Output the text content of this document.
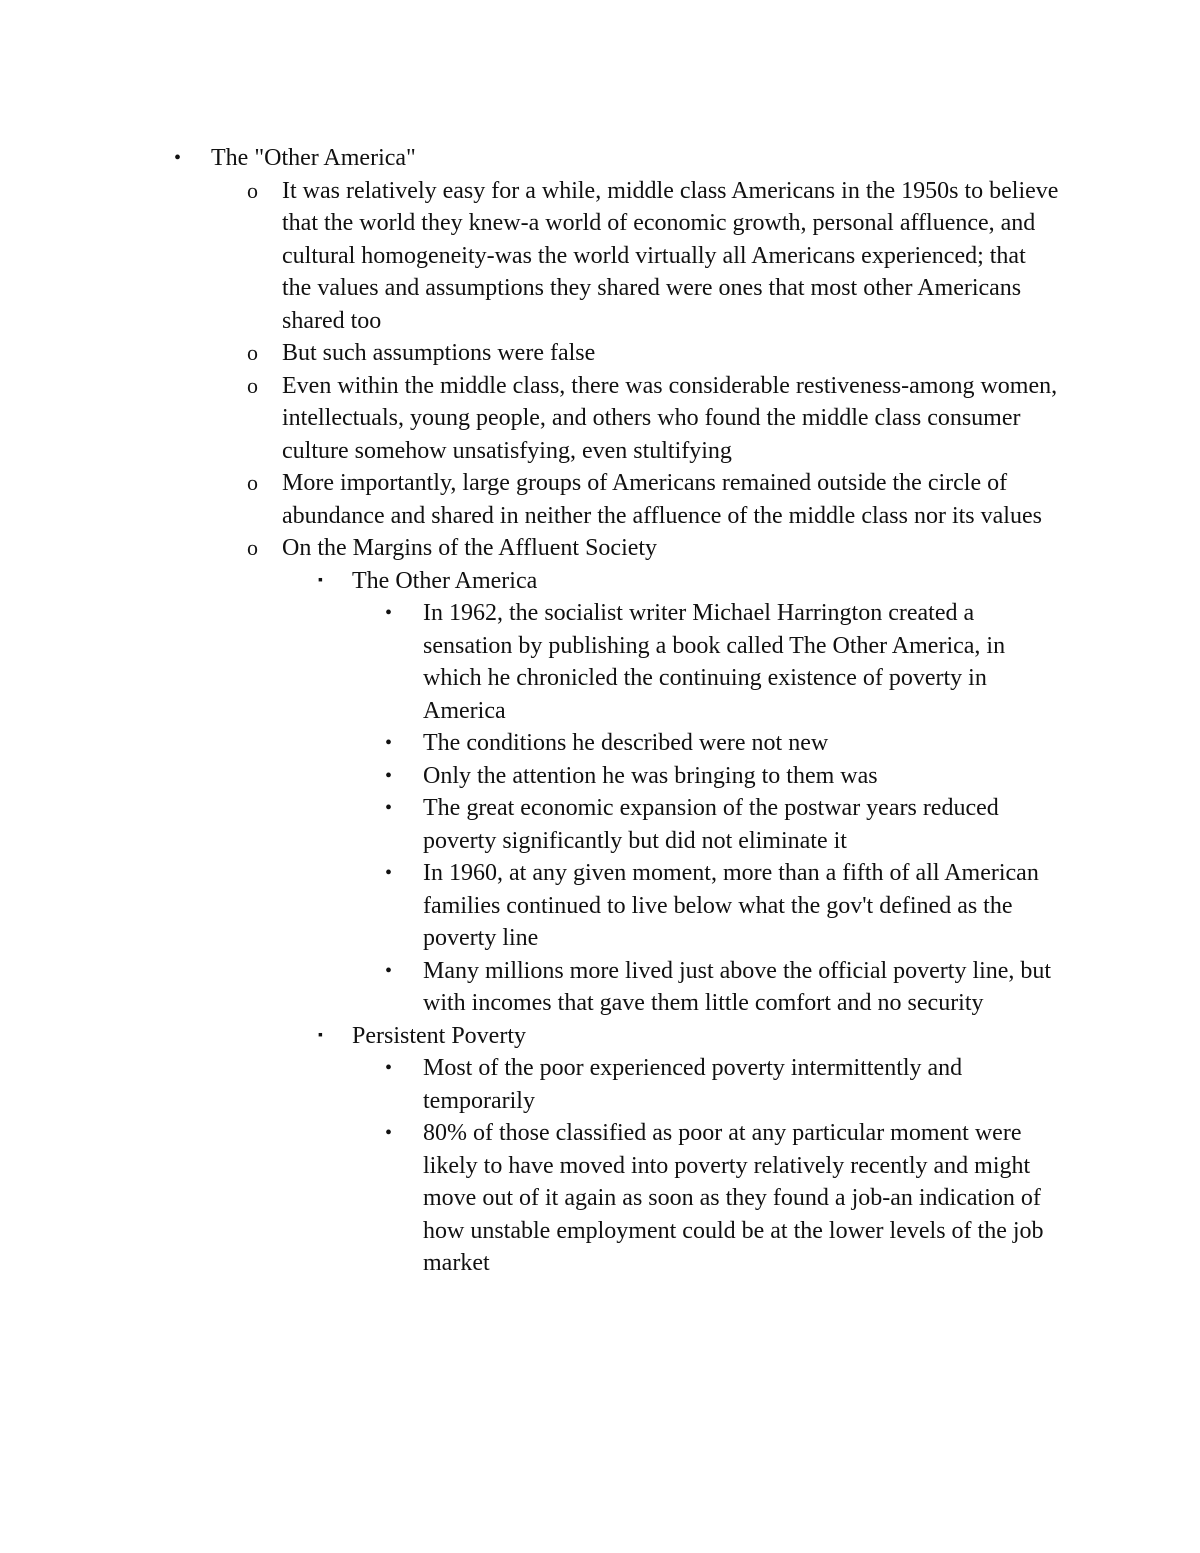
• The "Other America"
o It was relatively easy for a while, middle class Americans in the 1950s to believe that the world they knew-a world of economic growth, personal affluence, and cultural homogeneity-was the world virtually all Americans experienced; that the values and assumptions they shared were ones that most other Americans shared too
o But such assumptions were false
o Even within the middle class, there was considerable restiveness-among women, intellectuals, young people, and others who found the middle class consumer culture somehow unsatisfying, even stultifying
o More importantly, large groups of Americans remained outside the circle of abundance and shared in neither the affluence of the middle class nor its values
o On the Margins of the Affluent Society
▪ The Other America
• In 1962, the socialist writer Michael Harrington created a sensation by publishing a book called The Other America, in which he chronicled the continuing existence of poverty in America
• The conditions he described were not new
• Only the attention he was bringing to them was
• The great economic expansion of the postwar years reduced poverty significantly but did not eliminate it
• In 1960, at any given moment, more than a fifth of all American families continued to live below what the gov't defined as the poverty line
• Many millions more lived just above the official poverty line, but with incomes that gave them little comfort and no security
▪ Persistent Poverty
• Most of the poor experienced poverty intermittently and temporarily
• 80% of those classified as poor at any particular moment were likely to have moved into poverty relatively recently and might move out of it again as soon as they found a job-an indication of how unstable employment could be at the lower levels of the job market
